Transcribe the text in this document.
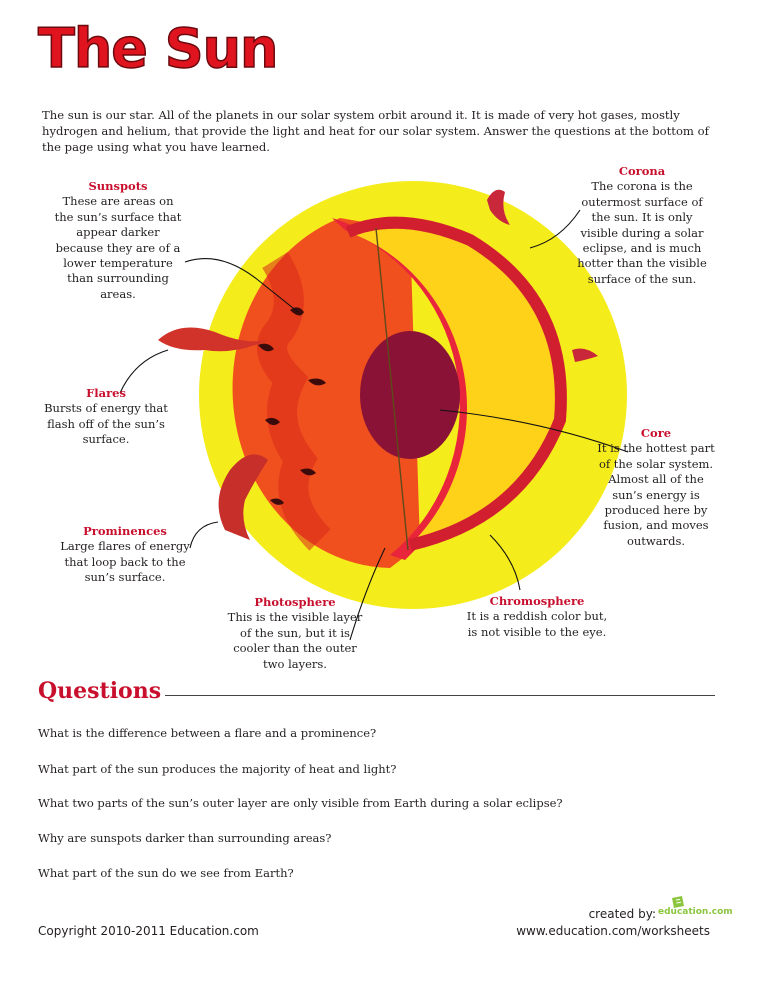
The Sun

The sun is our star. All of the planets in our solar system orbit around it. It is made of very hot gases, mostly hydrogen and helium, that provide the light and heat for our solar system. Answer the questions at the bottom of the page using what you have learned.

Corona
The corona is the outermost surface of the sun. It is only visible during a solar eclipse, and is much hotter than the visible surface of the sun.
Sunspots
These are areas on the sun’s surface that appear darker because they are of a lower temperature than surrounding areas.
Flares
Bursts of energy that flash off of the sun’s surface.	Core
It is the hottest part of the solar system. Almost all of the sun’s energy is produced here by fusion, and moves outwards.
Prominences
Large flares of energy that loop back to the sun’s surface.
Photosphere
This is the visible layer of the sun, but it is cooler than the outer two layers.
Chromosphere
It is a reddish color but, is not visible to the eye.
Questions

What is the difference between a flare and a prominence?

What part of the sun produces the majority of heat and light?

What two parts of the sun’s outer layer are only visible from Earth during a solar eclipse?

Why are sunspots darker than surrounding areas?

What part of the sun do we see from Earth?

created by: education.com
Copyright 2010-2011 Education.com	www.education.com/worksheets
